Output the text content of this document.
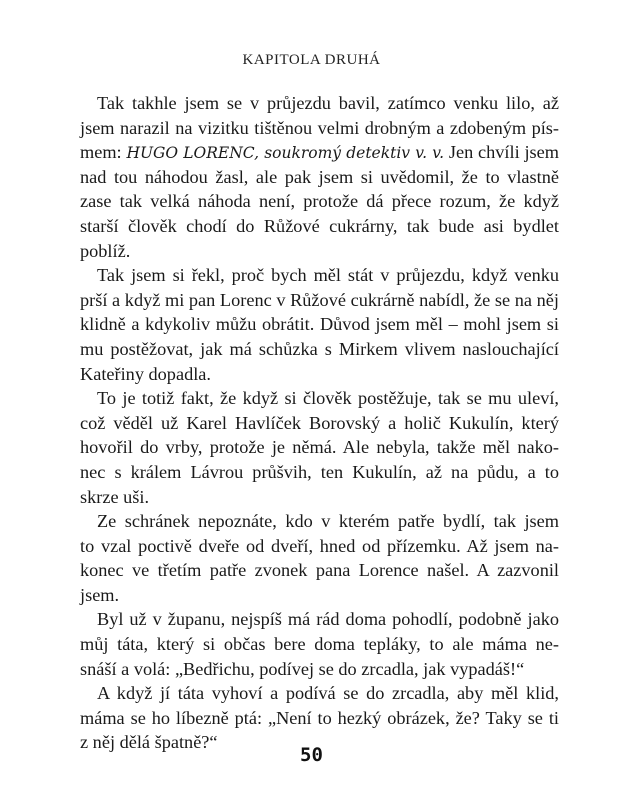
KAPITOLA DRUHÁ
Tak takhle jsem se v průjezdu bavil, zatímco venku lilo, až
jsem narazil na vizitku tištěnou velmi drobným a zdobeným pís-
mem: HUGO LORENC, soukromý detektiv v. v. Jen chvíli jsem
nad tou náhodou žasl, ale pak jsem si uvědomil, že to vlastně
zase tak velká náhoda není, protože dá přece rozum, že když
starší člověk chodí do Růžové cukrárny, tak bude asi bydlet
poblíž.
Tak jsem si řekl, proč bych měl stát v průjezdu, když venku
prší a když mi pan Lorenc v Růžové cukrárně nabídl, že se na něj
klidně a kdykoliv můžu obrátit. Důvod jsem měl – mohl jsem si
mu postěžovat, jak má schůzka s Mirkem vlivem naslouchající
Kateřiny dopadla.
To je totiž fakt, že když si člověk postěžuje, tak se mu uleví,
což věděl už Karel Havlíček Borovský a holič Kukulín, který
hovořil do vrby, protože je němá. Ale nebyla, takže měl nako-
nec s králem Lávrou průšvih, ten Kukulín, až na půdu, a to
skrze uši.
Ze schránek nepoznáte, kdo v kterém patře bydlí, tak jsem
to vzal poctivě dveře od dveří, hned od přízemku. Až jsem na-
konec ve třetím patře zvonek pana Lorence našel. A zazvonil
jsem.
Byl už v županu, nejspíš má rád doma pohodlí, podobně jako
můj táta, který si občas bere doma tepláky, to ale máma ne-
snáší a volá: „Bedřichu, podívej se do zrcadla, jak vypadáš!“
A když jí táta vyhoví a podívá se do zrcadla, aby měl klid,
máma se ho líbezně ptá: „Není to hezký obrázek, že? Taky se ti
z něj dělá špatně?“
50
